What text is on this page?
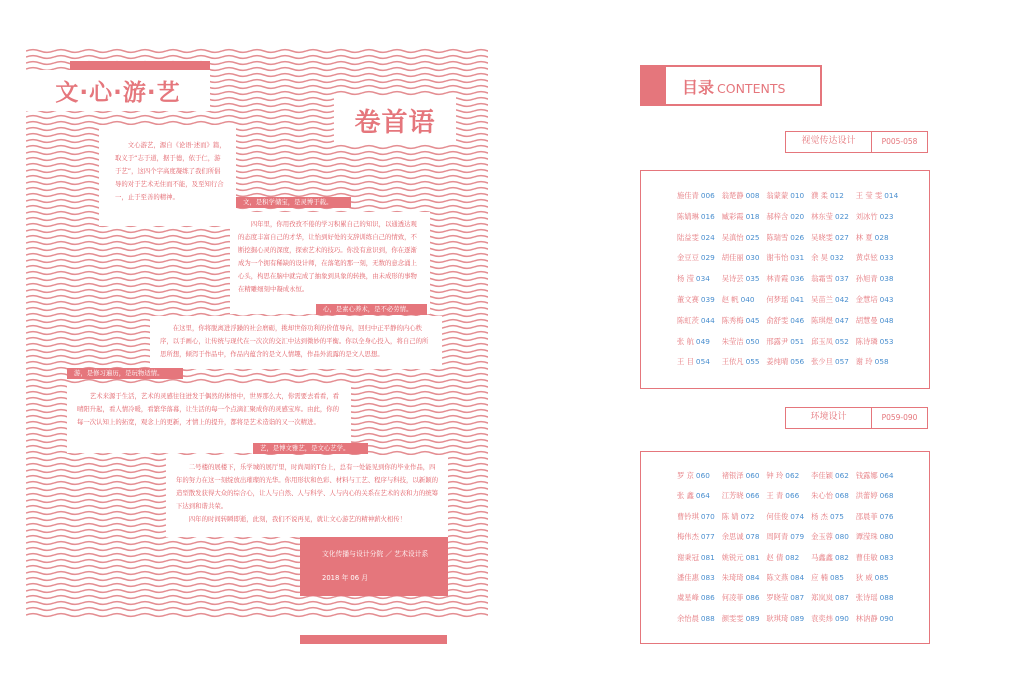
文·心·游·艺
卷首语

文心游艺，源自《论语·述而》篇，取义于“志于道，据于德，依于仁，游于艺”，这四个字高度凝练了我们所倡导的对于艺术无住而不能，及至知行合一，止于至善的精神。

文，是积学储宝，是灵博于载。

四年里，你用孜孜不倦的学习积累自己的知识，以通透达观的态度丰富自己的才华，让怡到好处的支辞训练自己的情致，不断挖掘心灵的深度，探索艺术的技巧。你没有意识到，你在逐渐成为一个拥有稀缺的设计师，在落笔的那一刻，无数的意念涌上心头，构思在脑中就完成了抽象到具象的转换，由未成形的事物在精雕细刻中凝成永恒。

心，是素心养术，是不必劳情。

在这里，你将脱离进浮躁的社会磨砺，挑却世俗功利的价值导向，回归中正平静的内心秩序，以手画心，让传统与现代在一次次的交汇中达到微妙的平衡。你以全身心投入，将自己的所思所想，倾泻于作品中，作品内蕴含的是文人情趣，作品外流露的是文人思想。

游，是修习遍历，是玩物适情。

艺术来源于生活，艺术的灵感往往迸发于偶然的体悟中，世界那么大，你需要去看看，看晴阳升起，看人情冷暖，看繁华落幕，让生活的每一个点滴汇聚成你的灵感宝库。由此，你的每一次认知上的拓宽，观念上的更新，才情上的提升，都将是艺术造诣的又一次精进。

艺，是博文雅艺，是文心艺学。

二号楼的展楼下，乐学城的展厅里，时尚周的T台上，总有一处能见到你的毕业作品，四年的努力在这一刻绽放出璀璨的光华。你用形状和色彩、材料与工艺、程序与科技，以新颖的造型散发获得大众的综合心，让人与自然、人与科学、人与内心的关系在艺术的表和力的统筹下达到和谐共荣。

四年的时间转瞬即逝，此刻，我们不说再见，就让文心游艺的精神薪火相传！

文化传播与设计分院 ／ 艺术设计系
2018 年 06 月
目录 CONTENTS
视觉传达设计	P005-058
施佳青 006 翁楚静 008 翁蒙蒙 010 濮 柔 012 王 莹 雯 014
陈婧琳 016 臧彩霞 018 郝梓含 020 林东莹 022 刘冰竹 023
陆益雯 024 吴滇怡 025 陈瑞雪 026 吴晓雯 027 林 夏 028
金豆豆 029 胡佳丽 030 谢韦怡 031 余 昊 032 黄卓铉 033
杨 滢 034 吴诗芸 035 林青霞 036 翁霜雪 037 孙旭青 038
董文赛 039 赵 帆 040 何梦瑶 041 吴苗兰 042 金慧培 043
陈虹茨 044 陈秀梅 045 俞舒雯 046 陈琪煜 047 胡慧曼 048
张 航 049 朱莹洁 050 邢露尹 051 邱玉凤 052 陈诗璘 053
王 目 054 王依凡 055 姜纯晴 056 张少旦 057 谢 玲 058
环境设计	P059-090
罗 京 060 褚银泽 060 钟 玲 062 李佳颖 062 钱露娜 064
张 鑫 064 江芳晓 066 王 青 066 朱心怡 068 洪蕾婷 068
曹钤琪 070 陈 婧 072 何佳俊 074 杨 杰 075 邵晨菲 076
梅伟杰 077 余思诚 078 周阿青 079 金玉蓉 080 谭滢珠 080
谢秉冠 081 姚锐元 081 赵 倩 082 马鑫鑫 082 曹佳敏 083
潘佳惠 083 朱琦琦 084 陈文燕 084 应 楠 085 狄 威 085
虞星峰 086 何凌菲 086 罗晓莹 087 郑岚岚 087 张诗瑶 088
余怡晨 088 颜雯雯 089 耿琪琦 089 袁奕炜 090 林讷静 090
